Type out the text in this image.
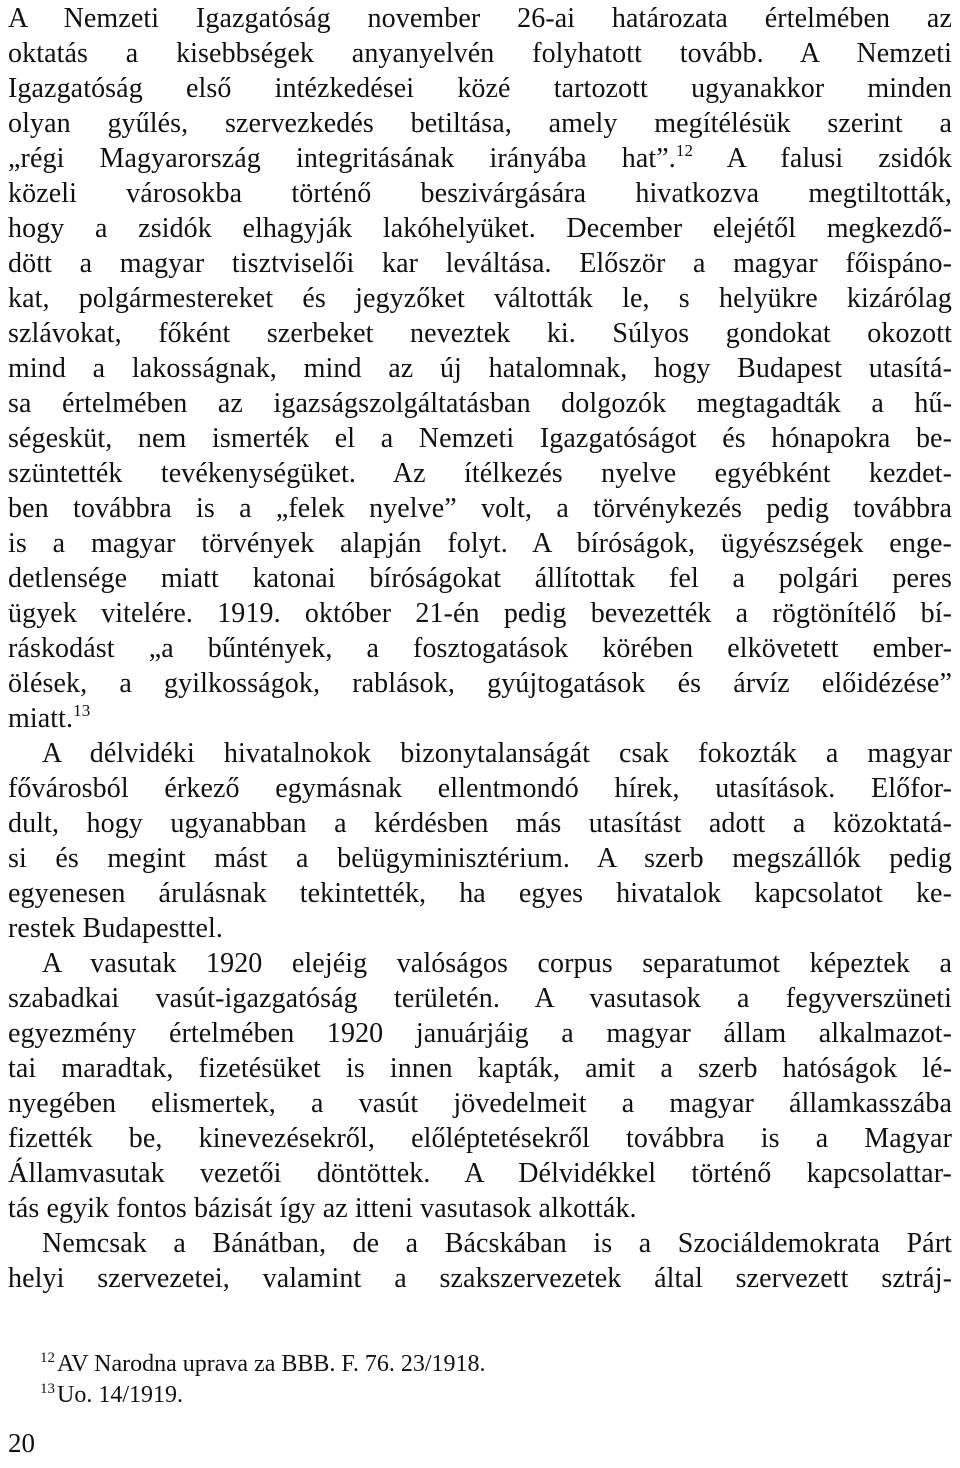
A Nemzeti Igazgatóság november 26-ai határozata értelmében az
oktatás a kisebbségek anyanyelvén folyhatott tovább. A Nemzeti
Igazgatóság első intézkedései közé tartozott ugyanakkor minden
olyan gyűlés, szervezkedés betiltása, amely megítélésük szerint a
„régi Magyarország integritásának irányába hat”.$^{12}$ A falusi zsidók
közeli városokba történő beszivárgására hivatkozva megtiltották,
hogy a zsidók elhagyják lakóhelyüket. December elejétől megkezdő-
dött a magyar tisztviselői kar leváltása. Először a magyar főispáno-
kat, polgármestereket és jegyzőket váltották le, s helyükre kizárólag
szlávokat, főként szerbeket neveztek ki. Súlyos gondokat okozott
mind a lakosságnak, mind az új hatalomnak, hogy Budapest utasítá-
sa értelmében az igazságszolgáltatásban dolgozók megtagadták a hű-
ségesküt, nem ismerték el a Nemzeti Igazgatóságot és hónapokra be-
szüntették tevékenységüket. Az ítélkezés nyelve egyébként kezdet-
ben továbbra is a „felek nyelve” volt, a törvénykezés pedig továbbra
is a magyar törvények alapján folyt. A bíróságok, ügyészségek enge-
detlensége miatt katonai bíróságokat állítottak fel a polgári peres
ügyek vitelére. 1919. október 21-én pedig bevezették a rögtönítélő bí-
ráskodást „a bűntények, a fosztogatások körében elkövetett ember-
ölések, a gyilkosságok, rablások, gyújtogatások és árvíz előidézése”
miatt.$^{13}$
A délvidéki hivatalnokok bizonytalanságát csak fokozták a magyar
fővárosból érkező egymásnak ellentmondó hírek, utasítások. Előfor-
dult, hogy ugyanabban a kérdésben más utasítást adott a közoktatá-
si és megint mást a belügyminisztérium. A szerb megszállók pedig
egyenesen árulásnak tekintették, ha egyes hivatalok kapcsolatot ke-
restek Budapesttel.
A vasutak 1920 elejéig valóságos corpus separatumot képeztek a
szabadkai vasút-igazgatóság területén. A vasutasok a fegyverszüneti
egyezmény értelmében 1920 januárjáig a magyar állam alkalmazot-
tai maradtak, fizetésüket is innen kapták, amit a szerb hatóságok lé-
nyegében elismertek, a vasút jövedelmeit a magyar államkasszába
fizették be, kinevezésekről, előléptetésekről továbbra is a Magyar
Államvasutak vezetői döntöttek. A Délvidékkel történő kapcsolattar-
tás egyik fontos bázisát így az itteni vasutasok alkották.
Nemcsak a Bánátban, de a Bácskában is a Szociáldemokrata Párt
helyi szervezetei, valamint a szakszervezetek által szervezett sztráj-
$^{12}$AV Narodna uprava za BBB. F. 76. 23/1918.
$^{13}$Uo. 14/1919.
20
